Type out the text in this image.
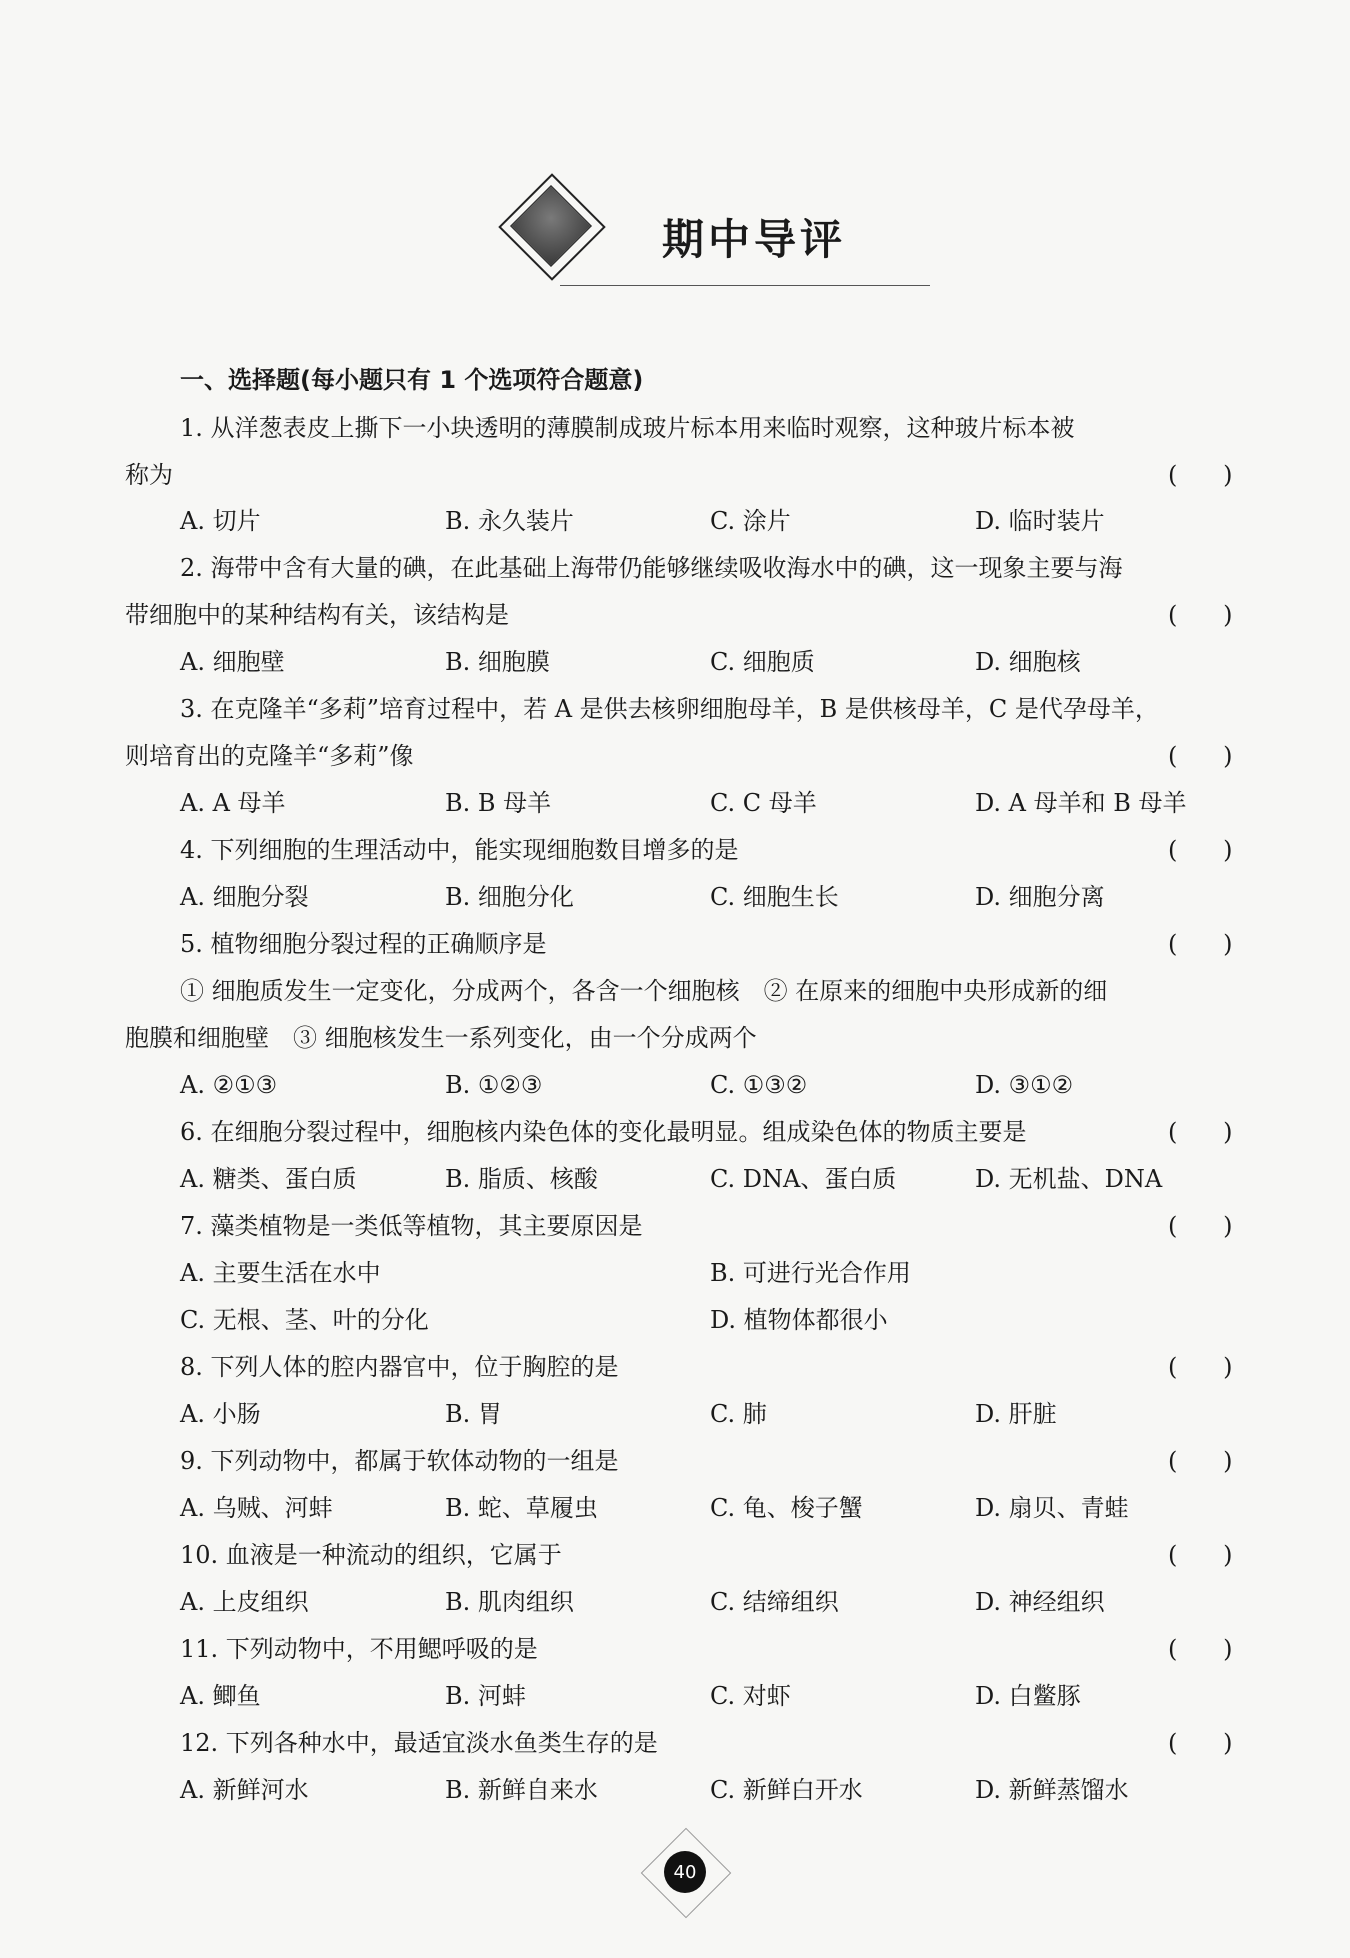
期中导评
一、选择题(每小题只有 1 个选项符合题意)
1. 从洋葱表皮上撕下一小块透明的薄膜制成玻片标本用来临时观察，这种玻片标本被
称为	(      )
A. 切片	B. 永久装片	C. 涂片	D. 临时装片
2. 海带中含有大量的碘，在此基础上海带仍能够继续吸收海水中的碘，这一现象主要与海
带细胞中的某种结构有关，该结构是	(      )
A. 细胞壁	B. 细胞膜	C. 细胞质	D. 细胞核
3. 在克隆羊“多莉”培育过程中，若 A 是供去核卵细胞母羊，B 是供核母羊，C 是代孕母羊，
则培育出的克隆羊“多莉”像	(      )
A. A 母羊	B. B 母羊	C. C 母羊	D. A 母羊和 B 母羊
4. 下列细胞的生理活动中，能实现细胞数目增多的是	(      )
A. 细胞分裂	B. 细胞分化	C. 细胞生长	D. 细胞分离
5. 植物细胞分裂过程的正确顺序是	(      )
① 细胞质发生一定变化，分成两个，各含一个细胞核　② 在原来的细胞中央形成新的细
胞膜和细胞壁　③ 细胞核发生一系列变化，由一个分成两个
A. ②①③	B. ①②③	C. ①③②	D. ③①②
6. 在细胞分裂过程中，细胞核内染色体的变化最明显。组成染色体的物质主要是	(      )
A. 糖类、蛋白质	B. 脂质、核酸	C. DNA、蛋白质	D. 无机盐、DNA
7. 藻类植物是一类低等植物，其主要原因是	(      )
A. 主要生活在水中	B. 可进行光合作用
C. 无根、茎、叶的分化	D. 植物体都很小
8. 下列人体的腔内器官中，位于胸腔的是	(      )
A. 小肠	B. 胃	C. 肺	D. 肝脏
9. 下列动物中，都属于软体动物的一组是	(      )
A. 乌贼、河蚌	B. 蛇、草履虫	C. 龟、梭子蟹	D. 扇贝、青蛙
10. 血液是一种流动的组织，它属于	(      )
A. 上皮组织	B. 肌肉组织	C. 结缔组织	D. 神经组织
11. 下列动物中，不用鳃呼吸的是	(      )
A. 鲫鱼	B. 河蚌	C. 对虾	D. 白鳖豚
12. 下列各种水中，最适宜淡水鱼类生存的是	(      )
A. 新鲜河水	B. 新鲜自来水	C. 新鲜白开水	D. 新鲜蒸馏水
40
